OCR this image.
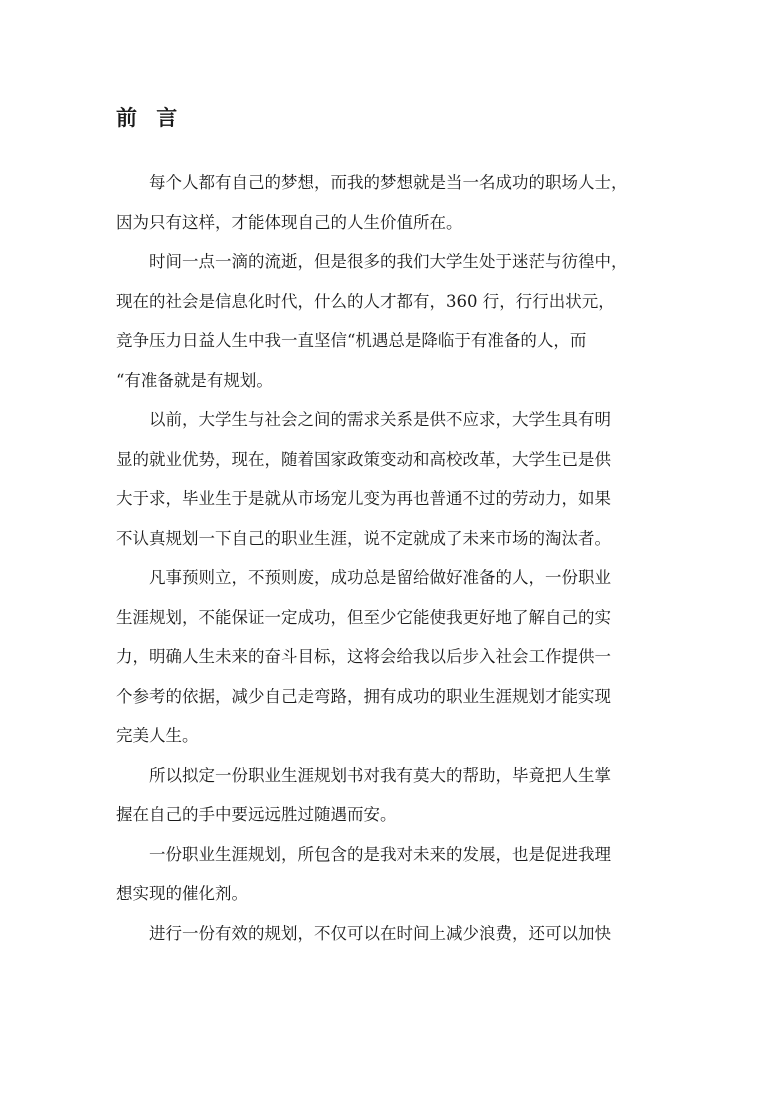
前 言

每个人都有自己的梦想，而我的梦想就是当一名成功的职场人士，
因为只有这样，才能体现自己的人生价值所在。

时间一点一滴的流逝，但是很多的我们大学生处于迷茫与彷徨中，
现在的社会是信息化时代，什么的人才都有，360 行，行行出状元，
竞争压力日益人生中我一直坚信“机遇总是降临于有准备的人，而
“有准备就是有规划。

以前，大学生与社会之间的需求关系是供不应求，大学生具有明
显的就业优势，现在，随着国家政策变动和高校改革，大学生已是供
大于求，毕业生于是就从市场宠儿变为再也普通不过的劳动力，如果
不认真规划一下自己的职业生涯，说不定就成了未来市场的淘汰者。

凡事预则立，不预则废，成功总是留给做好准备的人，一份职业
生涯规划，不能保证一定成功，但至少它能使我更好地了解自己的实
力，明确人生未来的奋斗目标，这将会给我以后步入社会工作提供一
个参考的依据，减少自己走弯路，拥有成功的职业生涯规划才能实现
完美人生。

所以拟定一份职业生涯规划书对我有莫大的帮助，毕竟把人生掌
握在自己的手中要远远胜过随遇而安。

一份职业生涯规划，所包含的是我对未来的发展，也是促进我理
想实现的催化剂。

进行一份有效的规划，不仅可以在时间上减少浪费，还可以加快
